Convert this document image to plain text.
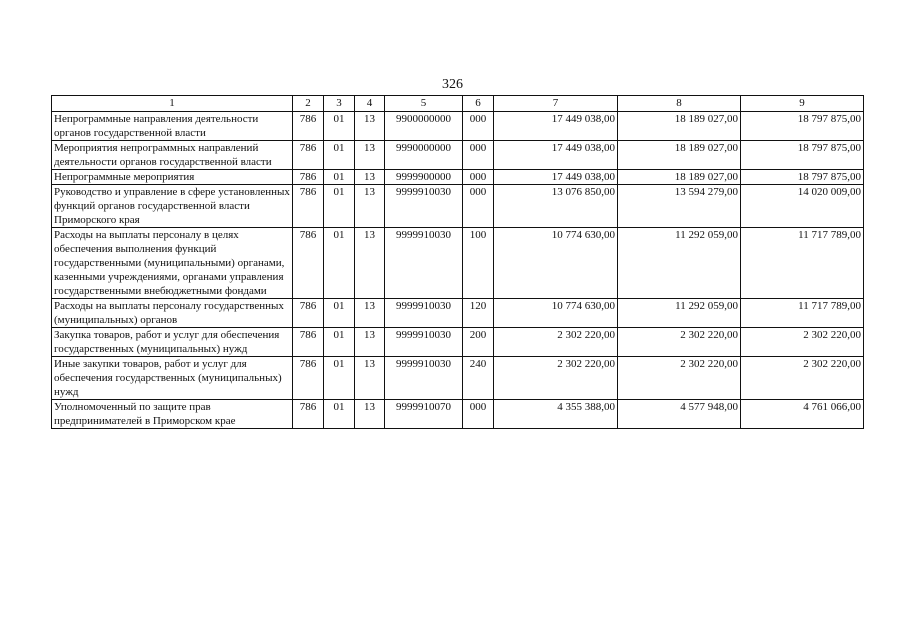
326
1	2	3	4	5	6	7	8	9
Непрограммные направления деятельности органов государственной власти	786	01	13	9900000000	000	17 449 038,00	18 189 027,00	18 797 875,00
Мероприятия непрограммных направлений деятельности органов государственной власти	786	01	13	9990000000	000	17 449 038,00	18 189 027,00	18 797 875,00
Непрограммные мероприятия	786	01	13	9999900000	000	17 449 038,00	18 189 027,00	18 797 875,00
Руководство и управление в сфере установленных функций органов государственной власти Приморского края	786	01	13	9999910030	000	13 076 850,00	13 594 279,00	14 020 009,00
Расходы на выплаты персоналу в целях обеспечения выполнения функций государственными (муниципальными) органами, казенными учреждениями, органами управления государственными внебюджетными фондами	786	01	13	9999910030	100	10 774 630,00	11 292 059,00	11 717 789,00
Расходы на выплаты персоналу государственных (муниципальных) органов	786	01	13	9999910030	120	10 774 630,00	11 292 059,00	11 717 789,00
Закупка товаров, работ и услуг для обеспечения государственных (муниципальных) нужд	786	01	13	9999910030	200	2 302 220,00	2 302 220,00	2 302 220,00
Иные закупки товаров, работ и услуг для обеспечения государственных (муниципальных) нужд	786	01	13	9999910030	240	2 302 220,00	2 302 220,00	2 302 220,00
Уполномоченный по защите прав предпринимателей в Приморском крае	786	01	13	9999910070	000	4 355 388,00	4 577 948,00	4 761 066,00
